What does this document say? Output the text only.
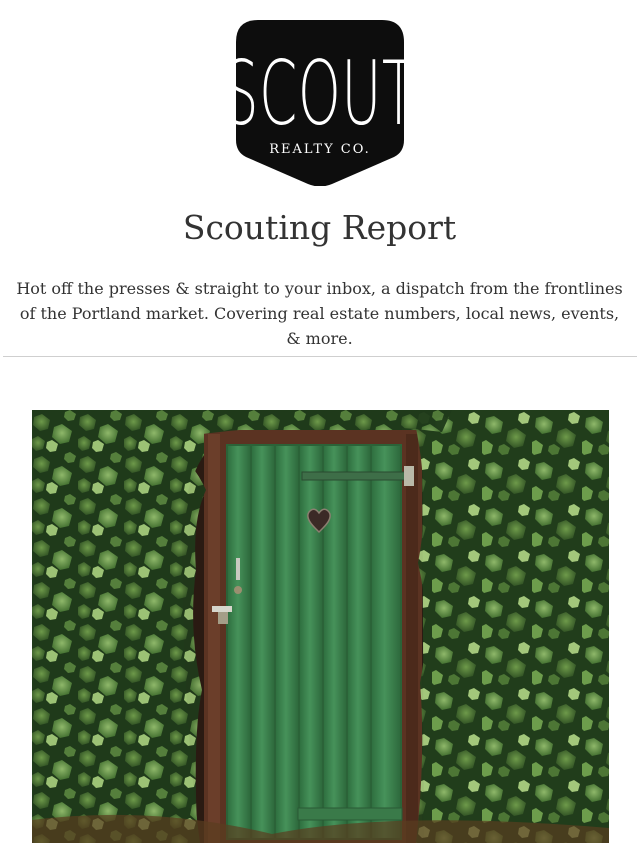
SCOUT
REALTY CO.
Scouting Report

Hot off the presses & straight to your inbox, a dispatch from the frontlines of the Portland market. Covering real estate numbers, local news, events, & more.
